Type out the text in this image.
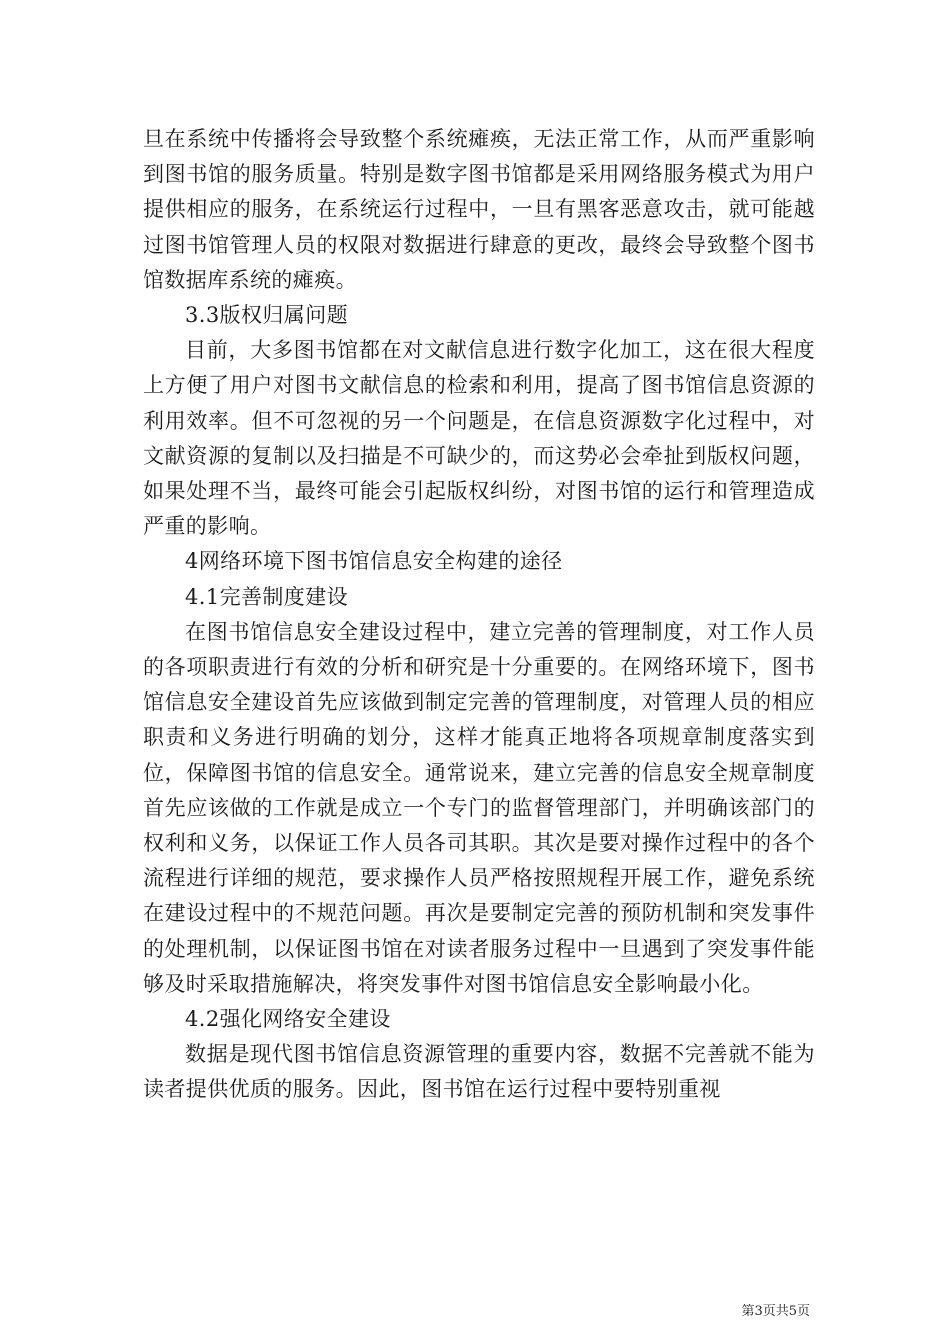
旦在系统中传播将会导致整个系统瘫痪，无法正常工作，从而严重影响到图书馆的服务质量。特别是数字图书馆都是采用网络服务模式为用户提供相应的服务，在系统运行过程中，一旦有黑客恶意攻击，就可能越过图书馆管理人员的权限对数据进行肆意的更改，最终会导致整个图书馆数据库系统的瘫痪。

3.3版权归属问题

目前，大多图书馆都在对文献信息进行数字化加工，这在很大程度上方便了用户对图书文献信息的检索和利用，提高了图书馆信息资源的利用效率。但不可忽视的另一个问题是，在信息资源数字化过程中，对文献资源的复制以及扫描是不可缺少的，而这势必会牵扯到版权问题，如果处理不当，最终可能会引起版权纠纷，对图书馆的运行和管理造成严重的影响。

4网络环境下图书馆信息安全构建的途径

4.1完善制度建设

在图书馆信息安全建设过程中，建立完善的管理制度，对工作人员的各项职责进行有效的分析和研究是十分重要的。在网络环境下，图书馆信息安全建设首先应该做到制定完善的管理制度，对管理人员的相应职责和义务进行明确的划分，这样才能真正地将各项规章制度落实到位，保障图书馆的信息安全。通常说来，建立完善的信息安全规章制度首先应该做的工作就是成立一个专门的监督管理部门，并明确该部门的权利和义务，以保证工作人员各司其职。其次是要对操作过程中的各个流程进行详细的规范，要求操作人员严格按照规程开展工作，避免系统在建设过程中的不规范问题。再次是要制定完善的预防机制和突发事件的处理机制，以保证图书馆在对读者服务过程中一旦遇到了突发事件能够及时采取措施解决，将突发事件对图书馆信息安全影响最小化。

4.2强化网络安全建设

数据是现代图书馆信息资源管理的重要内容，数据不完善就不能为读者提供优质的服务。因此，图书馆在运行过程中要特别重视

第3页共5页
